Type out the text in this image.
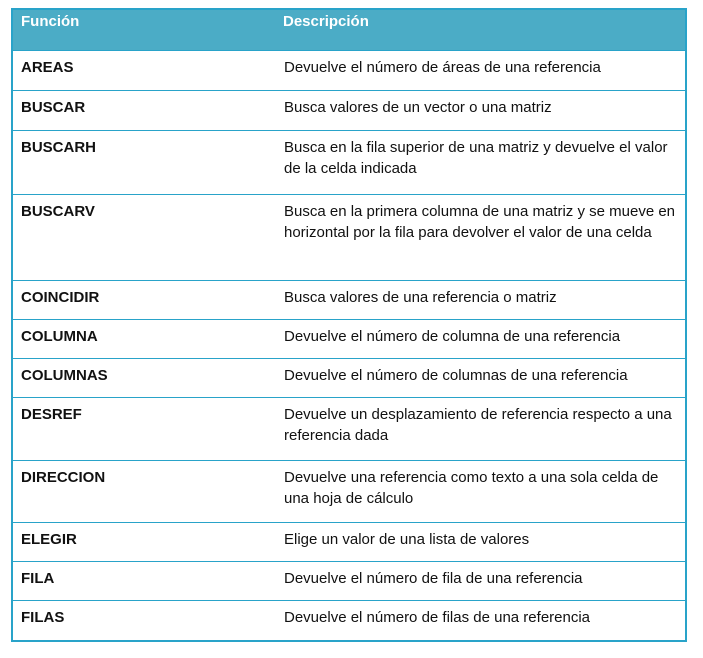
Función	Descripción
AREAS	Devuelve el número de áreas de una referencia
BUSCAR	Busca valores de un vector o una matriz
BUSCARH	Busca en la fila superior de una matriz y devuelve el valor de la celda indicada
BUSCARV	Busca en la primera columna de una matriz y se mueve en horizontal por la fila para devolver el valor de una celda
COINCIDIR	Busca valores de una referencia o matriz
COLUMNA	Devuelve el número de columna de una referencia
COLUMNAS	Devuelve el número de columnas de una referencia
DESREF	Devuelve un desplazamiento de referencia respecto a una referencia dada
DIRECCION	Devuelve una referencia como texto a una sola celda de una hoja de cálculo
ELEGIR	Elige un valor de una lista de valores
FILA	Devuelve el número de fila de una referencia
FILAS	Devuelve el número de filas de una referencia
